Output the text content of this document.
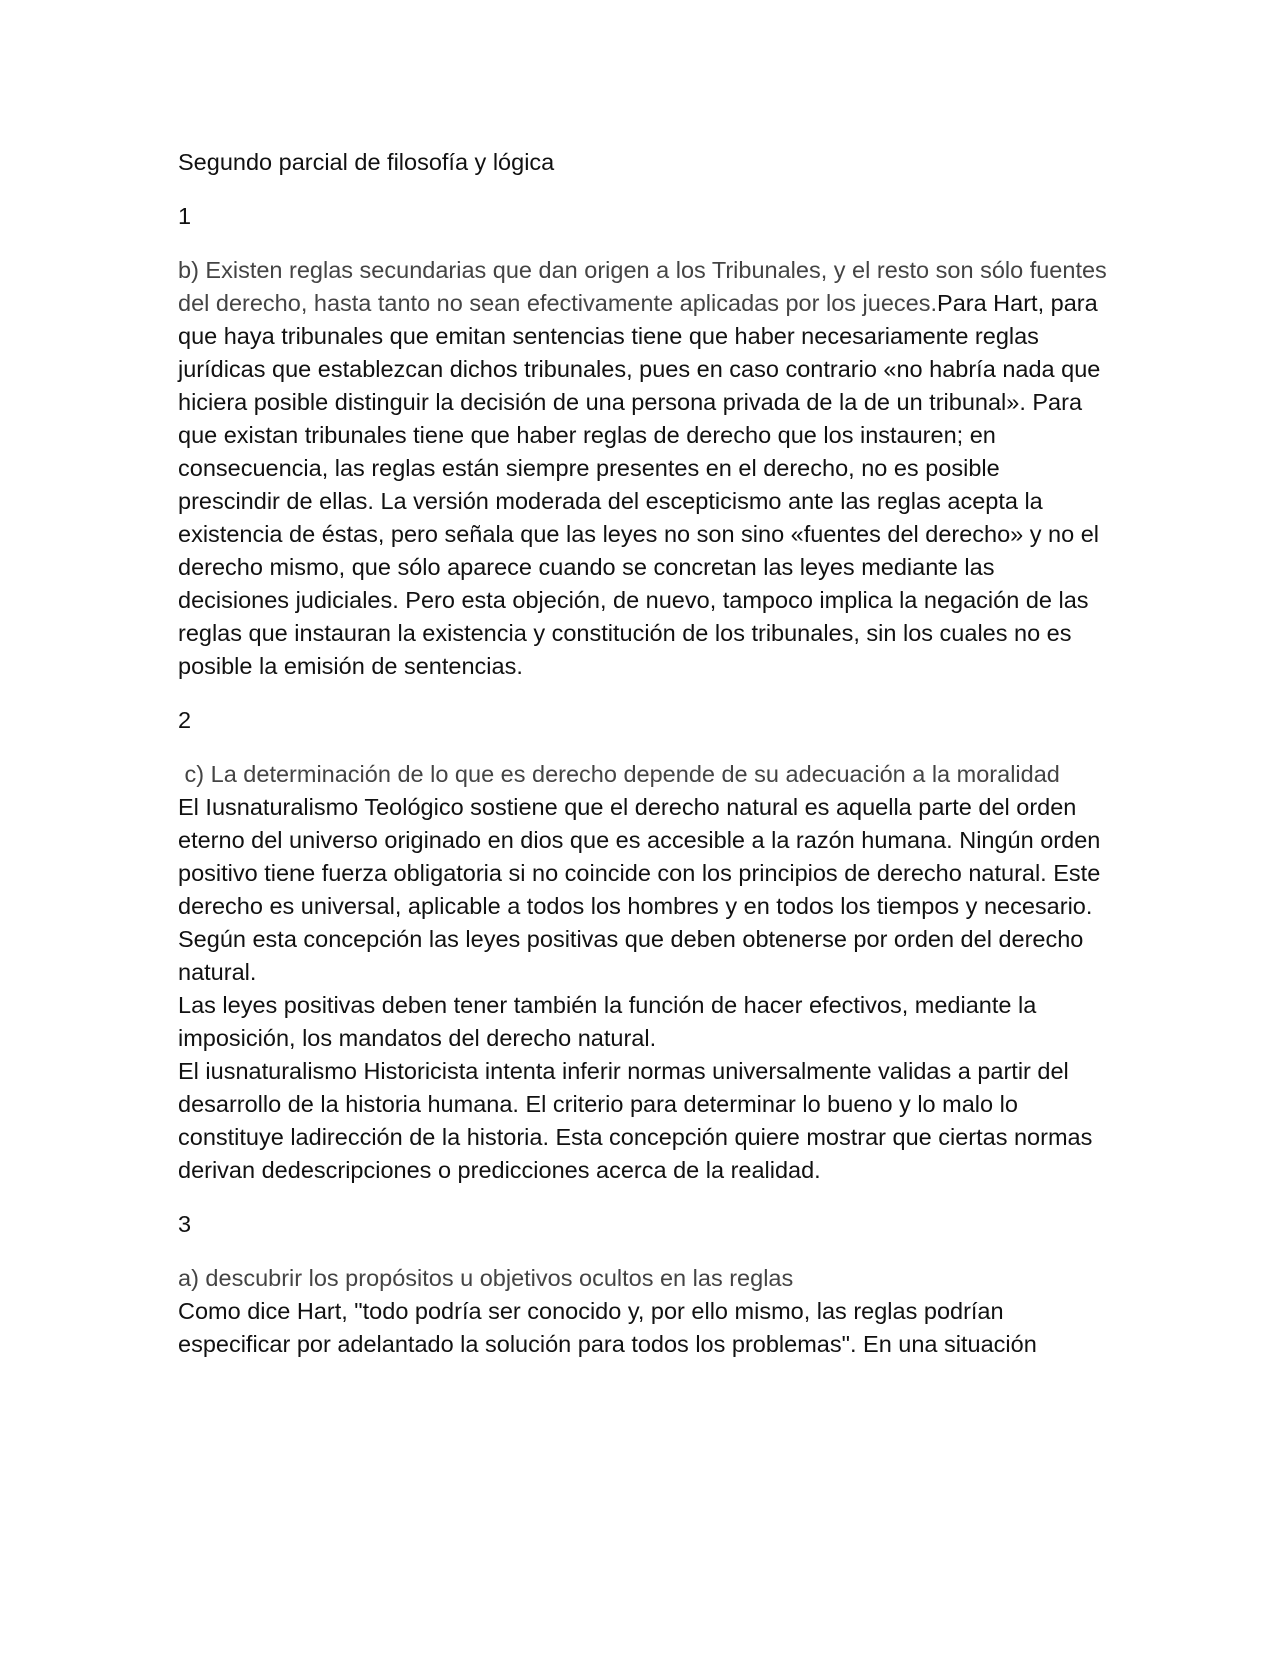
Segundo parcial de filosofía y lógica
1
b) Existen reglas secundarias que dan origen a los Tribunales, y el resto son sólo fuentes del derecho, hasta tanto no sean efectivamente aplicadas por los jueces.Para Hart, para que haya tribunales que emitan sentencias tiene que haber necesariamente reglas jurídicas que establezcan dichos tribunales, pues en caso contrario «no habría nada que hiciera posible distinguir la decisión de una persona privada de la de un tribunal». Para que existan tribunales tiene que haber reglas de derecho que los instauren; en consecuencia, las reglas están siempre presentes en el derecho, no es posible prescindir de ellas. La versión moderada del escepticismo ante las reglas acepta la existencia de éstas, pero señala que las leyes no son sino «fuentes del derecho» y no el derecho mismo, que sólo aparece cuando se concretan las leyes mediante las decisiones judiciales. Pero esta objeción, de nuevo, tampoco implica la negación de las reglas que instauran la existencia y constitución de los tribunales, sin los cuales no es posible la emisión de sentencias.
2
c) La determinación de lo que es derecho depende de su adecuación a la moralidad
El Iusnaturalismo Teológico sostiene que el derecho natural es aquella parte del orden eterno del universo originado en dios que es accesible a la razón humana. Ningún orden positivo tiene fuerza obligatoria si no coincide con los principios de derecho natural. Este derecho es universal, aplicable a todos los hombres y en todos los tiempos y necesario.
Según esta concepción las leyes positivas que deben obtenerse por orden del derecho natural.
Las leyes positivas deben tener también la función de hacer efectivos, mediante la imposición, los mandatos del derecho natural.
El iusnaturalismo Historicista intenta inferir normas universalmente validas a partir del desarrollo de la historia humana. El criterio para determinar lo bueno y lo malo lo constituye ladirección de la historia. Esta concepción quiere mostrar que ciertas normas derivan dedescripciones o predicciones acerca de la realidad.
3
a) descubrir los propósitos u objetivos ocultos en las reglas
Como dice Hart, "todo podría ser conocido y, por ello mismo, las reglas podrían especificar por adelantado la solución para todos los problemas". En una situación
